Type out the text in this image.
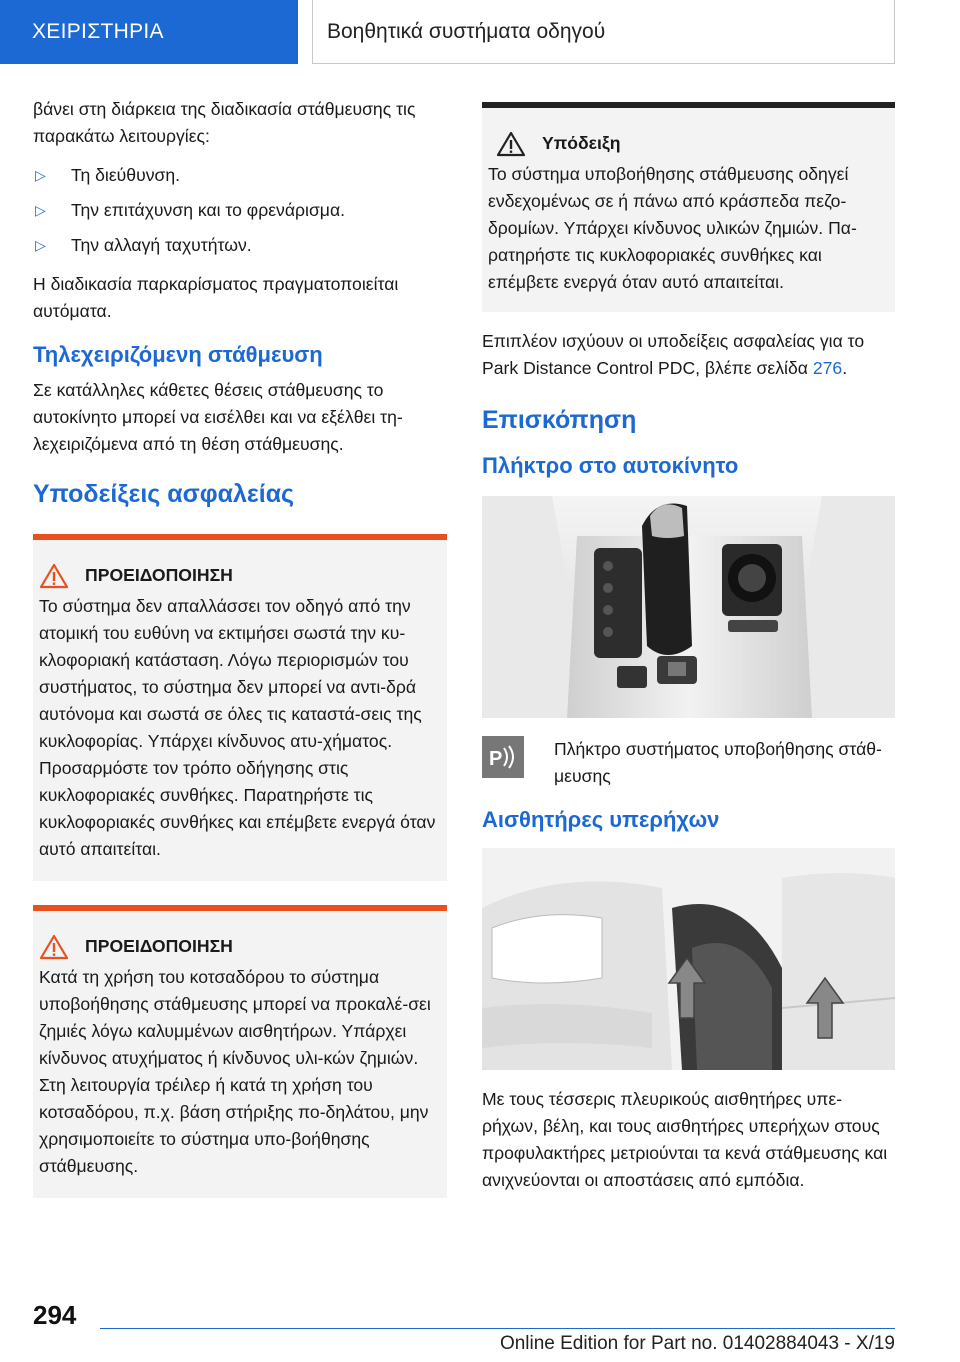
ΧΕΙΡΙΣΤΗΡΙΑ	Βοηθητικά συστήματα οδηγού

βάνει στη διάρκεια της διαδικασία στάθμευσης τις παρακάτω λειτουργίες:

▷ Τη διεύθυνση.
▷ Την επιτάχυνση και το φρενάρισμα.
▷ Την αλλαγή ταχυτήτων.

Η διαδικασία παρκαρίσματος πραγματοποιείται αυτόματα.

Τηλεχειριζόμενη στάθμευση

Σε κατάλληλες κάθετες θέσεις στάθμευσης το αυτοκίνητο μπορεί να εισέλθει και να εξέλθει τη-λεχειριζόμενα από τη θέση στάθμευσης.

Υποδείξεις ασφαλείας
ΠΡΟΕΙΔΟΠΟΙΗΣΗ
Το σύστημα δεν απαλλάσσει τον οδηγό από την ατομική του ευθύνη να εκτιμήσει σωστά την κυ-κλοφοριακή κατάσταση. Λόγω περιορισμών του συστήματος, το σύστημα δεν μπορεί να αντι-δρά αυτόνομα και σωστά σε όλες τις καταστά-σεις της κυκλοφορίας. Υπάρχει κίνδυνος ατυ-χήματος. Προσαρμόστε τον τρόπο οδήγησης στις κυκλοφοριακές συνθήκες. Παρατηρήστε τις κυκλοφοριακές συνθήκες και επέμβετε ενεργά όταν αυτό απαιτείται.
ΠΡΟΕΙΔΟΠΟΙΗΣΗ
Κατά τη χρήση του κοτσαδόρου το σύστημα υποβοήθησης στάθμευσης μπορεί να προκαλέ-σει ζημιές λόγω καλυμμένων αισθητήρων. Υπάρχει κίνδυνος ατυχήματος ή κίνδυνος υλι-κών ζημιών. Στη λειτουργία τρέιλερ ή κατά τη χρήση του κοτσαδόρου, π.χ. βάση στήριξης πο-δηλάτου, μην χρησιμοποιείτε το σύστημα υπο-βοήθησης στάθμευσης.
Υπόδειξη
Το σύστημα υποβοήθησης στάθμευσης οδηγεί ενδεχομένως σε ή πάνω από κράσπεδα πεζο-δρομίων. Υπάρχει κίνδυνος υλικών ζημιών. Πα-ρατηρήστε τις κυκλοφοριακές συνθήκες και επέμβετε ενεργά όταν αυτό απαιτείται.

Επιπλέον ισχύουν οι υποδείξεις ασφαλείας για το Park Distance Control PDC, βλέπε σελίδα 276.

Επισκόπηση
Πλήκτρο στο αυτοκίνητο
P	Πλήκτρο συστήματος υποβοήθησης στάθ-μευσης
Αισθητήρες υπερήχων

Με τους τέσσερις πλευρικούς αισθητήρες υπε-ρήχων, βέλη, και τους αισθητήρες υπερήχων στους προφυλακτήρες μετριούνται τα κενά στάθμευσης και ανιχνεύονται οι αποστάσεις από εμπόδια.

294
Online Edition for Part no. 01402884043 - X/19
